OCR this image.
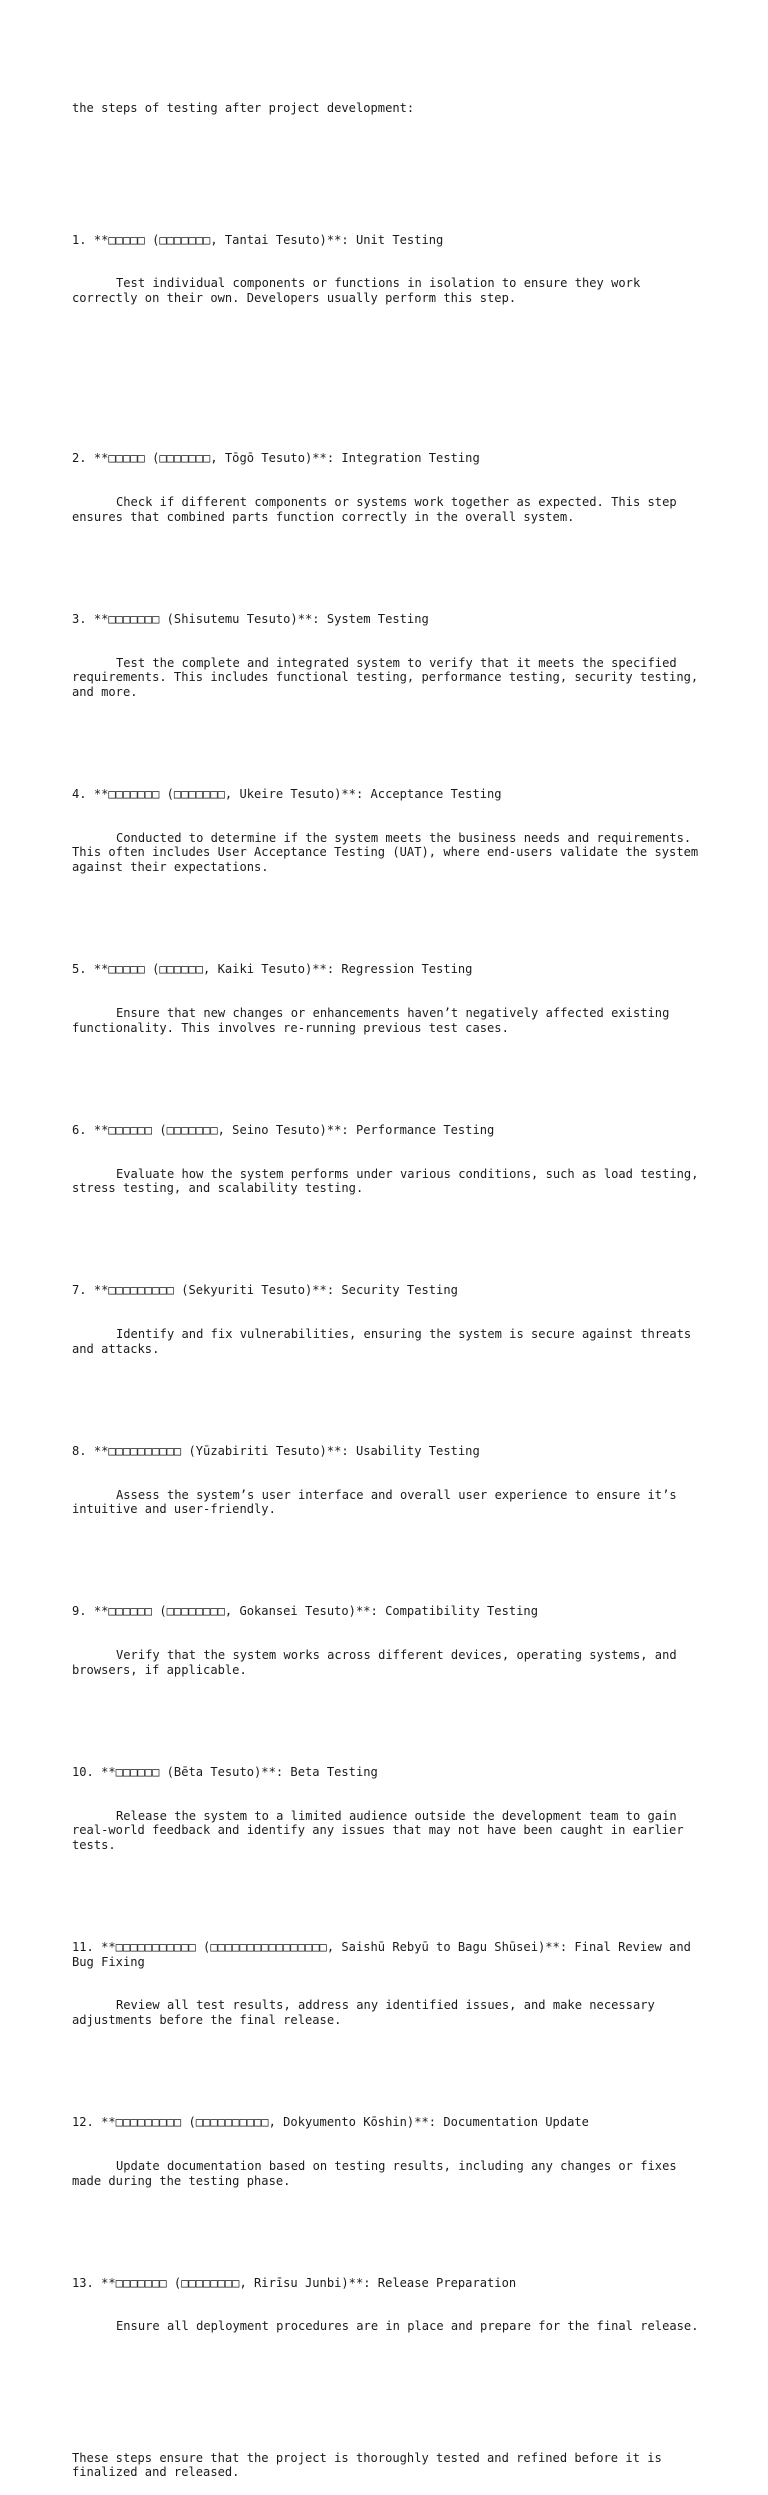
the steps of testing after project development:

1. **□□□□□ (□□□□□□□, Tantai Tesuto)**: Unit Testing

Test individual components or functions in isolation to ensure they work correctly on their own. Developers usually perform this step.

2. **□□□□□ (□□□□□□□, Tōgō Tesuto)**: Integration Testing

Check if different components or systems work together as expected. This step ensures that combined parts function correctly in the overall system.

3. **□□□□□□□ (Shisutemu Tesuto)**: System Testing

Test the complete and integrated system to verify that it meets the specified requirements. This includes functional testing, performance testing, security testing, and more.

4. **□□□□□□□ (□□□□□□□, Ukeire Tesuto)**: Acceptance Testing

Conducted to determine if the system meets the business needs and requirements. This often includes User Acceptance Testing (UAT), where end-users validate the system against their expectations.

5. **□□□□□ (□□□□□□, Kaiki Tesuto)**: Regression Testing

Ensure that new changes or enhancements haven’t negatively affected existing functionality. This involves re-running previous test cases.

6. **□□□□□□ (□□□□□□□, Seino Tesuto)**: Performance Testing

Evaluate how the system performs under various conditions, such as load testing, stress testing, and scalability testing.

7. **□□□□□□□□□ (Sekyuriti Tesuto)**: Security Testing

Identify and fix vulnerabilities, ensuring the system is secure against threats and attacks.

8. **□□□□□□□□□□ (Yūzabiriti Tesuto)**: Usability Testing

Assess the system’s user interface and overall user experience to ensure it’s intuitive and user-friendly.

9. **□□□□□□ (□□□□□□□□, Gokansei Tesuto)**: Compatibility Testing

Verify that the system works across different devices, operating systems, and browsers, if applicable.

10. **□□□□□□ (Bēta Tesuto)**: Beta Testing

Release the system to a limited audience outside the development team to gain real-world feedback and identify any issues that may not have been caught in earlier tests.

11. **□□□□□□□□□□□ (□□□□□□□□□□□□□□□□, Saishū Rebyū to Bagu Shūsei)**: Final Review and Bug Fixing

Review all test results, address any identified issues, and make necessary adjustments before the final release.

12. **□□□□□□□□□ (□□□□□□□□□□, Dokyumento Kōshin)**: Documentation Update

Update documentation based on testing results, including any changes or fixes made during the testing phase.

13. **□□□□□□□ (□□□□□□□□, Rirīsu Junbi)**: Release Preparation

Ensure all deployment procedures are in place and prepare for the final release.

These steps ensure that the project is thoroughly tested and refined before it is finalized and released.
